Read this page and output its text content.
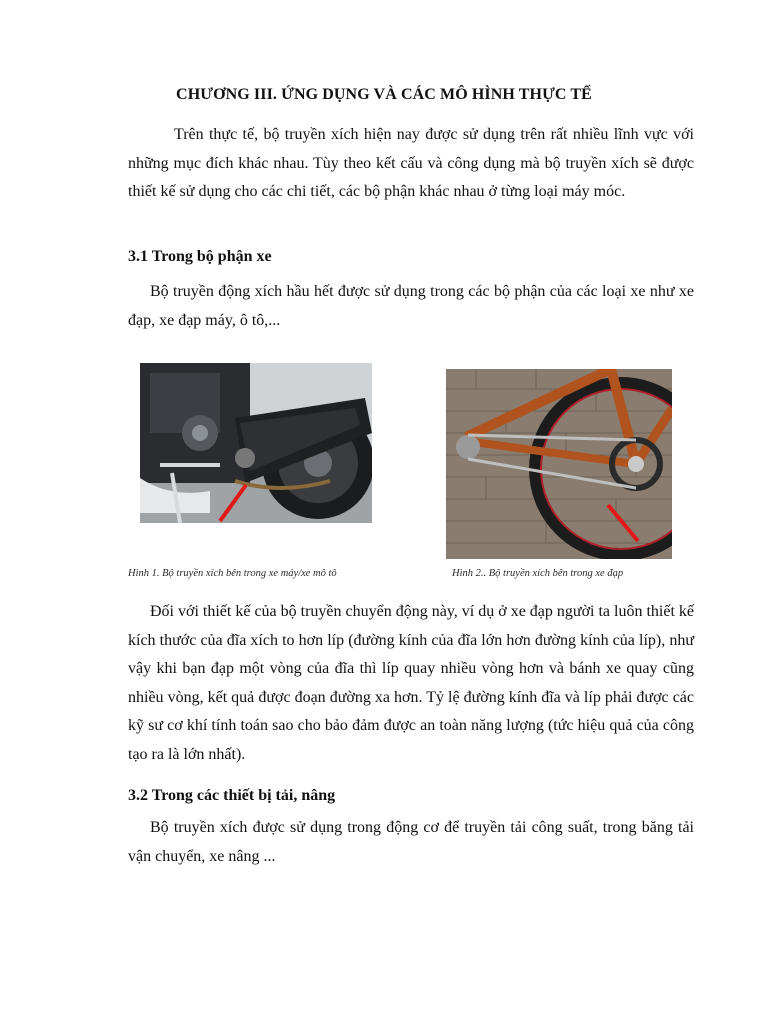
CHƯƠNG III. ỨNG DỤNG VÀ CÁC MÔ HÌNH THỰC TẾ

Trên thực tế, bộ truyền xích hiện nay được sử dụng trên rất nhiều lĩnh vực với những mục đích khác nhau. Tùy theo kết cấu và công dụng mà bộ truyền xích sẽ được thiết kế sử dụng cho các chi tiết, các bộ phận khác nhau ở từng loại máy móc.

3.1 Trong bộ phận xe

Bộ truyền động xích hầu hết được sử dụng trong các bộ phận của các loại xe như xe đạp, xe đạp máy, ô tô,...

Hình 1. Bộ truyền xích bên trong xe máy/xe mô tô	Hình 2.. Bộ truyền xích bên trong xe đạp

Đối với thiết kế của bộ truyền chuyển động này, ví dụ ở xe đạp người ta luôn thiết kế kích thước của đĩa xích to hơn líp (đường kính của đĩa lớn hơn đường kính của líp), như vậy khi bạn đạp một vòng của đĩa thì líp quay nhiều vòng hơn và bánh xe quay cũng nhiều vòng, kết quả được đoạn đường xa hơn. Tỷ lệ đường kính đĩa và líp phải được các kỹ sư cơ khí tính toán sao cho bảo đảm được an toàn năng lượng (tức hiệu quả của công tạo ra là lớn nhất).

3.2 Trong các thiết bị tải, nâng

Bộ truyền xích được sử dụng trong động cơ để truyền tải công suất, trong băng tải vận chuyển, xe nâng ...
